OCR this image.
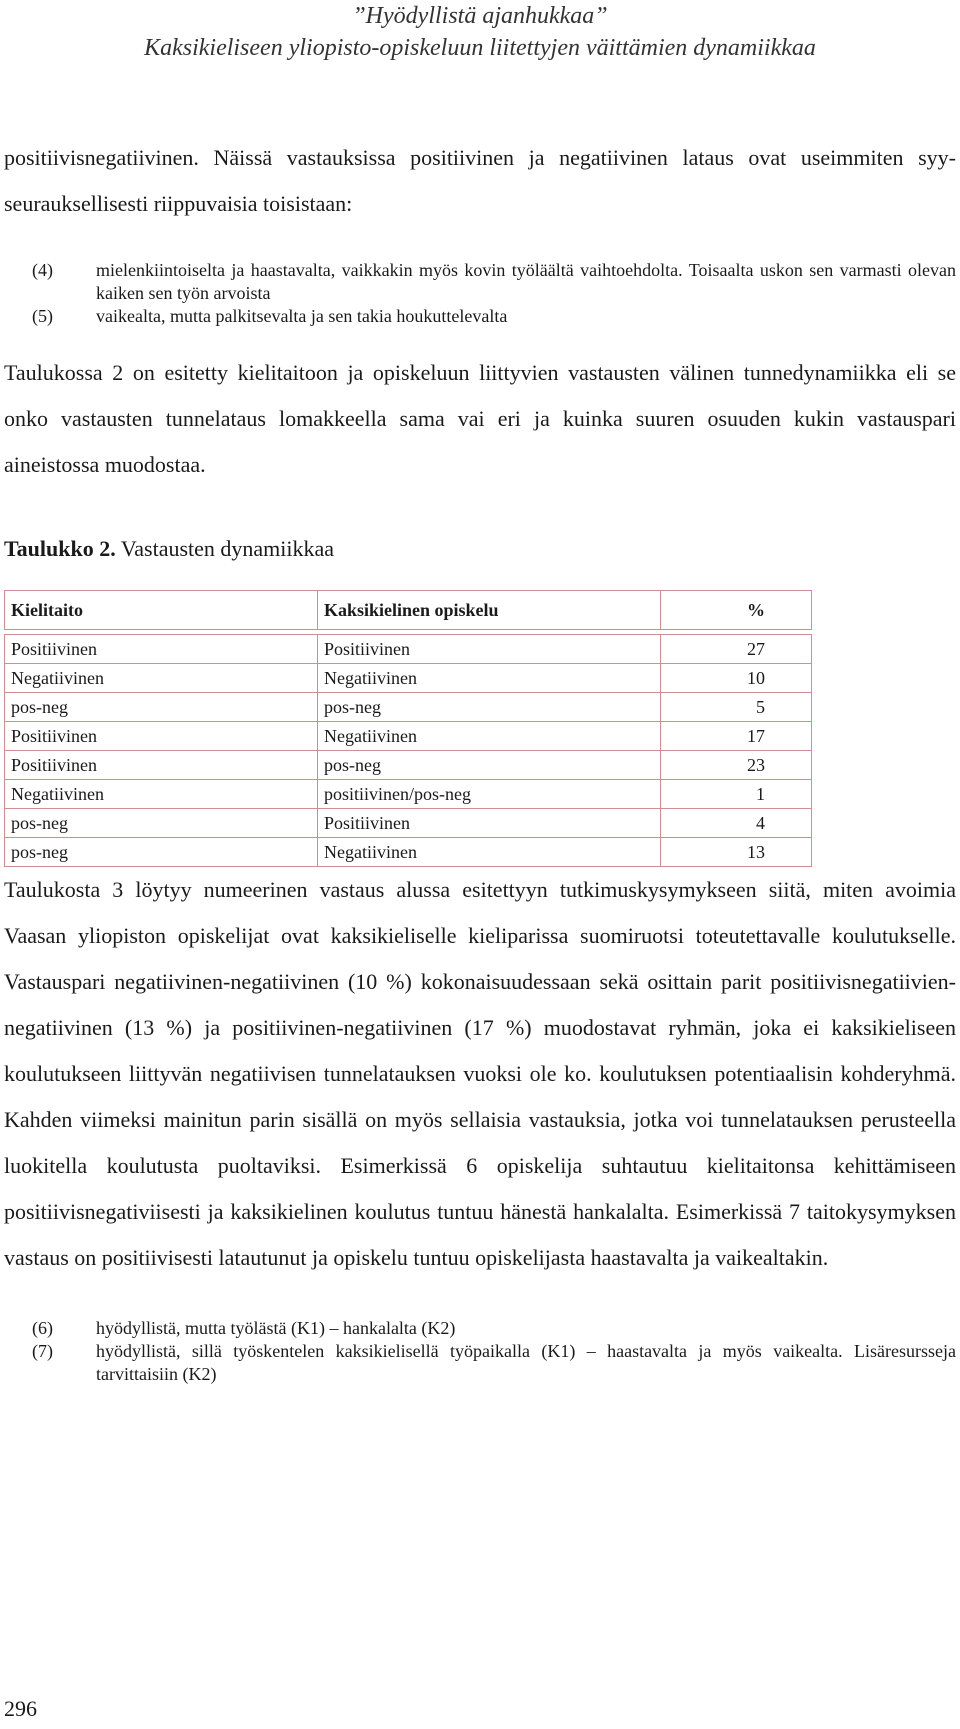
”Hyödyllistä ajanhukkaa”
Kaksikieliseen yliopisto-opiskeluun liitettyjen väittämien dynamiikkaa

positiivisnegatiivinen. Näissä vastauksissa positiivinen ja negatiivinen lataus ovat useimmiten syy-seurauksellisesti riippuvaisia toisistaan:

(4)	mielenkiintoiselta ja haastavalta, vaikkakin myös kovin työläältä vaihtoehdolta. Toisaalta uskon sen varmasti olevan kaiken sen työn arvoista
(5)	vaikealta, mutta palkitsevalta ja sen takia houkuttelevalta

Taulukossa 2 on esitetty kielitaitoon ja opiskeluun liittyvien vastausten välinen tunnedynamiikka eli se onko vastausten tunnelataus lomakkeella sama vai eri ja kuinka suuren osuuden kukin vastauspari aineistossa muodostaa.

Taulukko 2. Vastausten dynamiikkaa
Kielitaito	Kaksikielinen opiskelu	%

Positiivinen	Positiivinen	27
Negatiivinen	Negatiivinen	10
pos-neg	pos-neg	5
Positiivinen	Negatiivinen	17
Positiivinen	pos-neg	23
Negatiivinen	positiivinen/pos-neg	1
pos-neg	Positiivinen	4
pos-neg	Negatiivinen	13

Taulukosta 3 löytyy numeerinen vastaus alussa esitettyyn tutkimuskysymykseen siitä, miten avoimia Vaasan yliopiston opiskelijat ovat kaksikieliselle kieliparissa suomiruotsi toteutettavalle koulutukselle. Vastauspari negatiivinen-negatiivinen (10 %) kokonaisuudessaan sekä osittain parit positiivisnegatiivien-negatiivinen (13 %) ja positiivinen-negatiivinen (17 %) muodostavat ryhmän, joka ei kaksikieliseen koulutukseen liittyvän negatiivisen tunnelatauksen vuoksi ole ko. koulutuksen potentiaalisin kohderyhmä. Kahden viimeksi mainitun parin sisällä on myös sellaisia vastauksia, jotka voi tunnelatauksen perusteella luokitella koulutusta puoltaviksi. Esimerkissä 6 opiskelija suhtautuu kielitaitonsa kehittämiseen positiivisnegativiisesti ja kaksikielinen koulutus tuntuu hänestä hankalalta. Esimerkissä 7 taitokysymyksen vastaus on positiivisesti latautunut ja opiskelu tuntuu opiskelijasta haastavalta ja vaikealtakin.

(6)	hyödyllistä, mutta työlästä (K1) – hankalalta (K2)
(7)	hyödyllistä, sillä työskentelen kaksikielisellä työpaikalla (K1) – haastavalta ja myös vaikealta. Lisäresursseja tarvittaisiin (K2)
296
